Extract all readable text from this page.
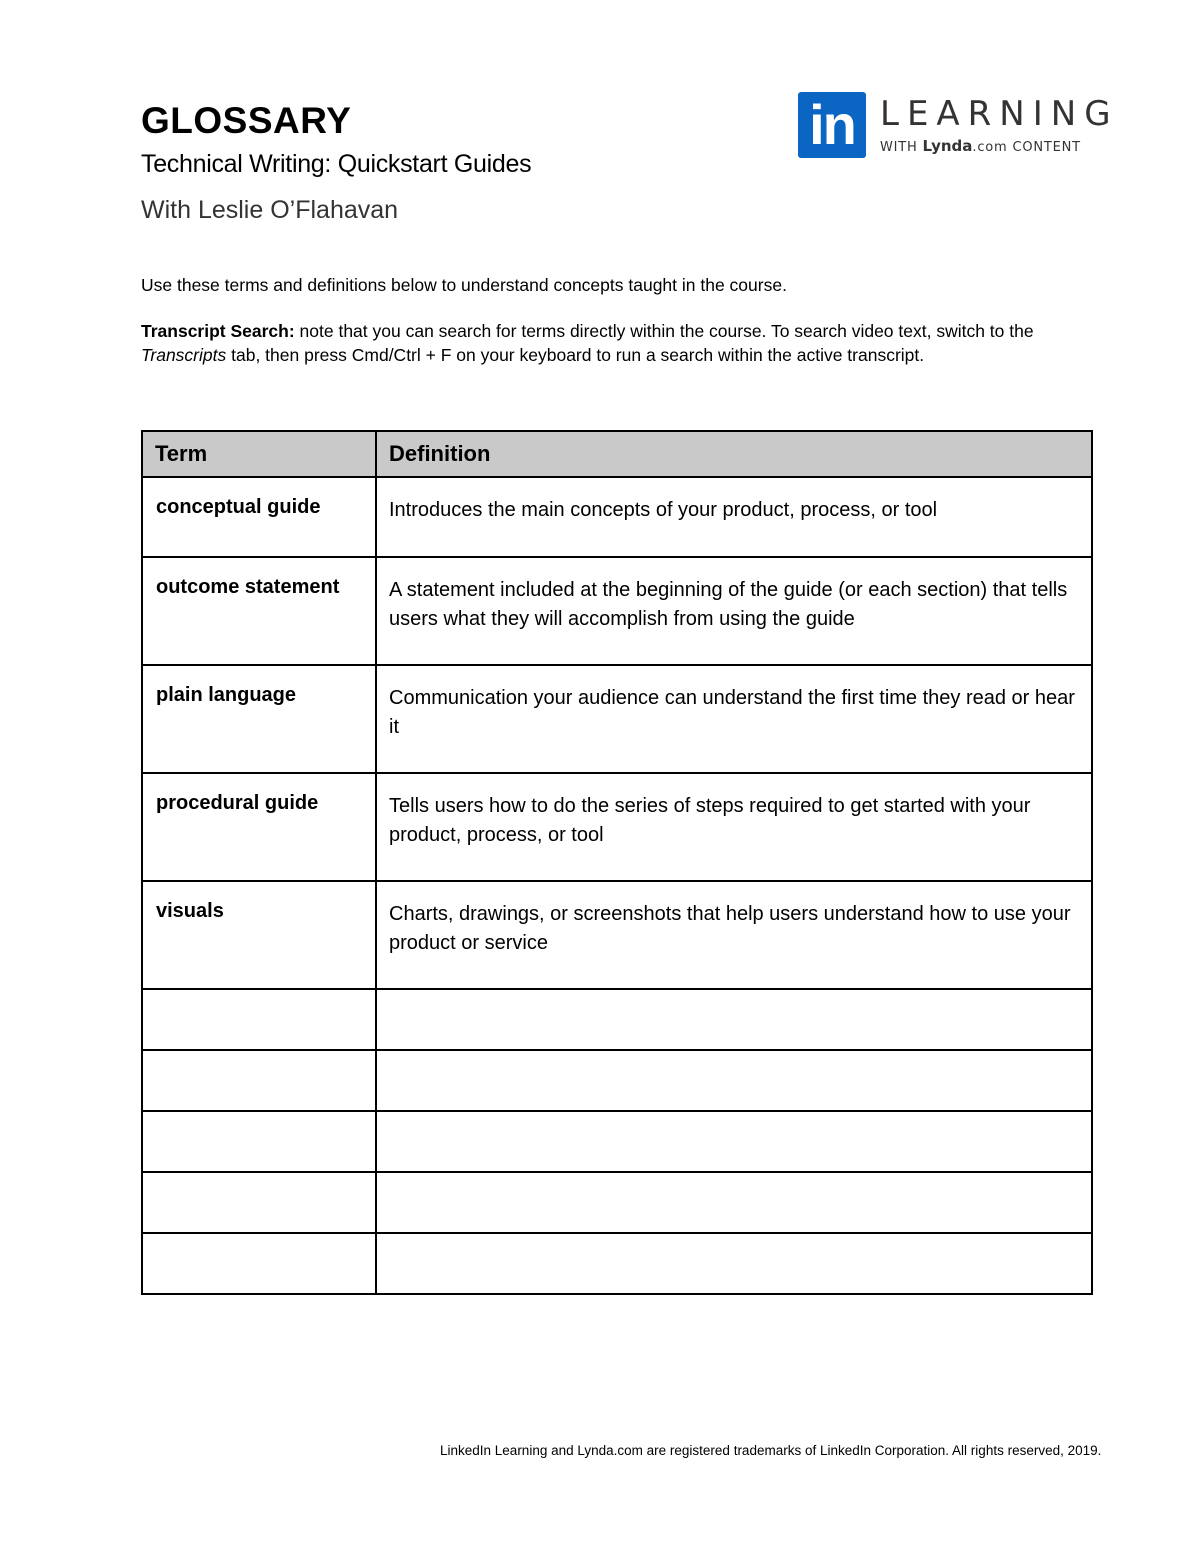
GLOSSARY
Technical Writing: Quickstart Guides
With Leslie O’Flahavan
in LEARNING
WITH Lynda.com CONTENT

Use these terms and definitions below to understand concepts taught in the course.

Transcript Search: note that you can search for terms directly within the course. To search video text, switch to the Transcripts tab, then press Cmd/Ctrl + F on your keyboard to run a search within the active transcript.

Term	Definition
conceptual guide	Introduces the main concepts of your product, process, or tool
outcome statement	A statement included at the beginning of the guide (or each section) that tells users what they will accomplish from using the guide
plain language	Communication your audience can understand the first time they read or hear it
procedural guide	Tells users how to do the series of steps required to get started with your product, process, or tool
visuals	Charts, drawings, or screenshots that help users understand how to use your product or service

LinkedIn Learning and Lynda.com are registered trademarks of LinkedIn Corporation. All rights reserved, 2019.
